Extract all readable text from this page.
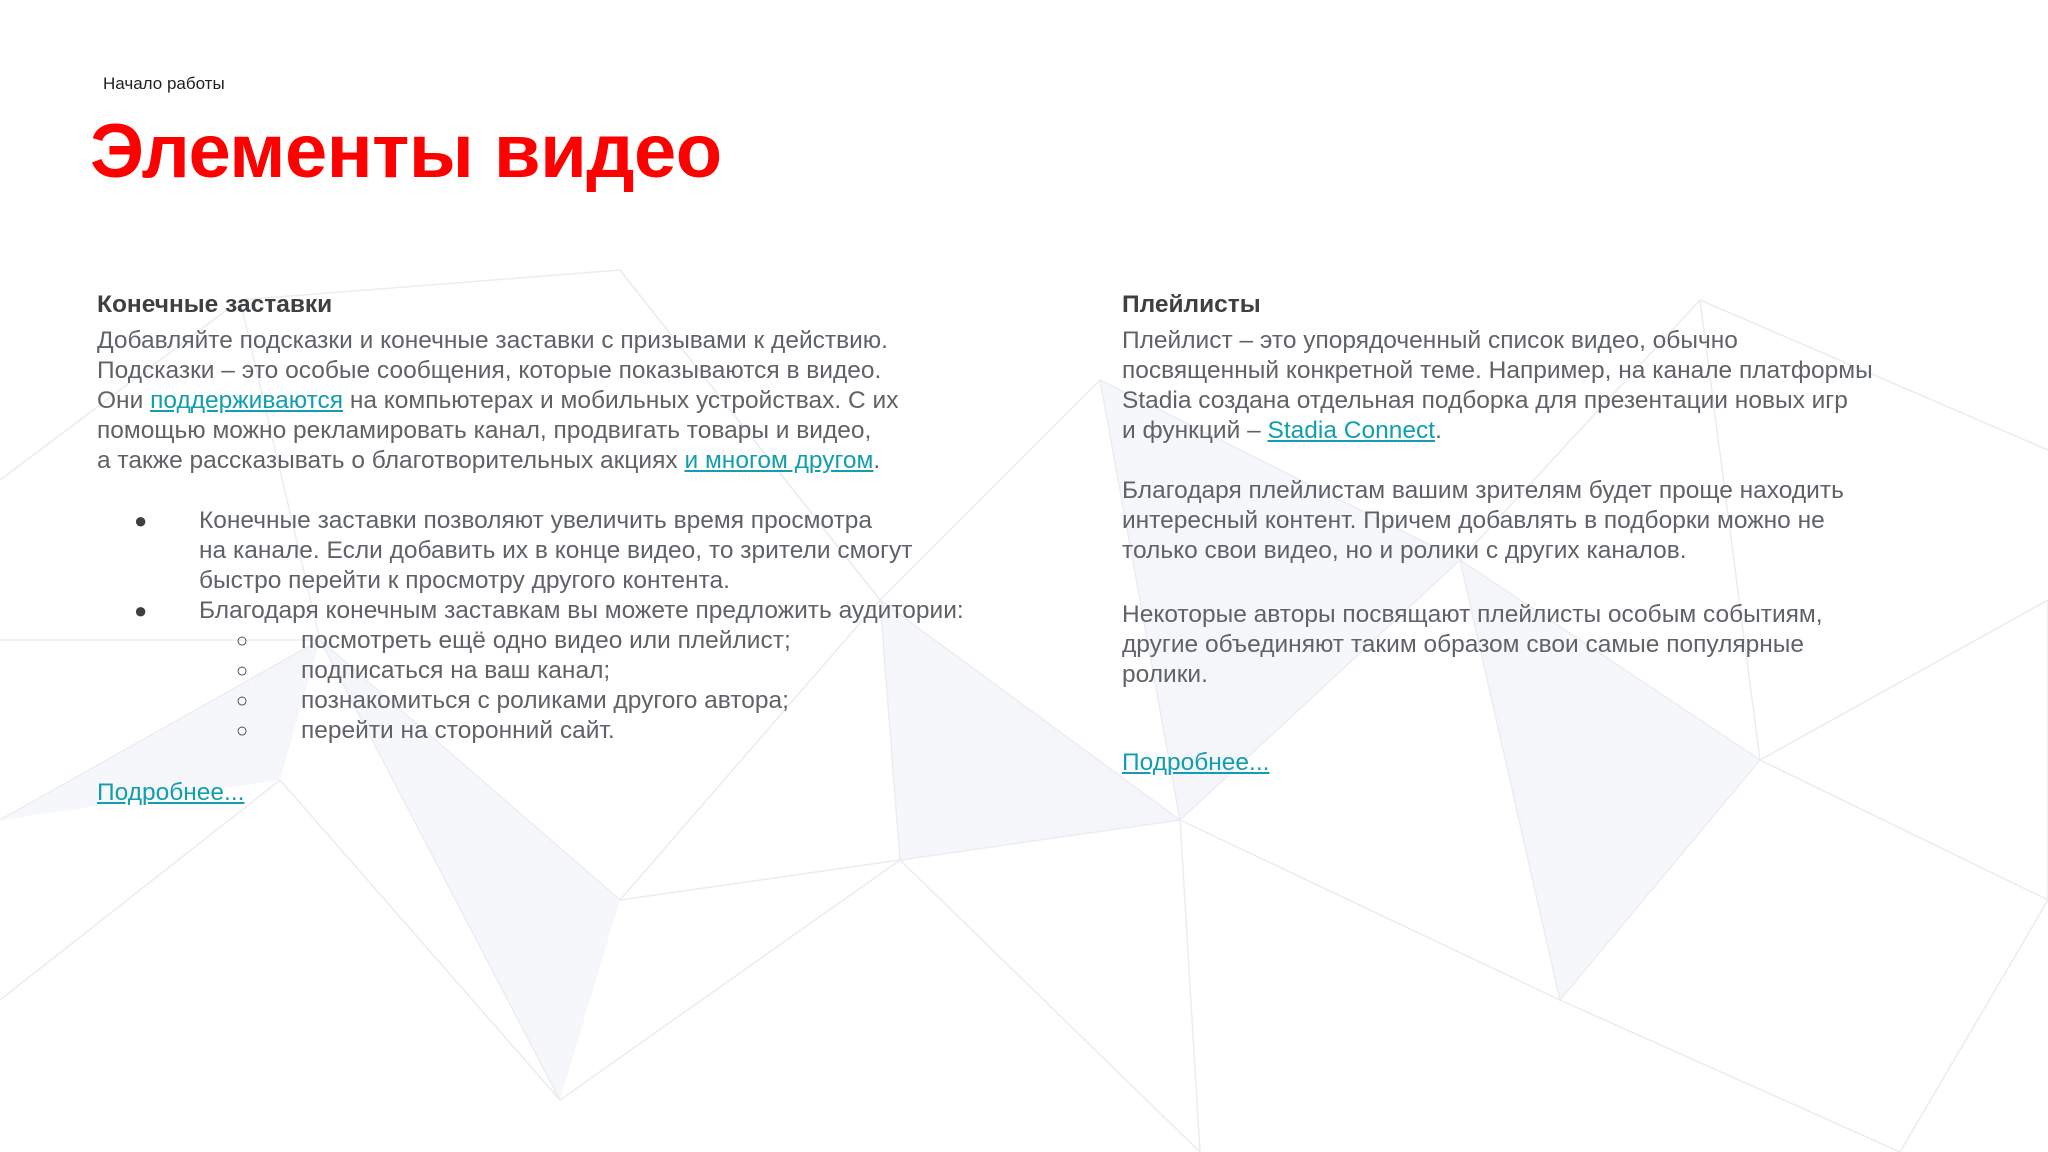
Начало работы
Элементы видео
Конечные заставки

Добавляйте подсказки и конечные заставки с призывами к действию.
Подсказки – это особые сообщения, которые показываются в видео.
Они поддерживаются на компьютерах и мобильных устройствах. С их
помощью можно рекламировать канал, продвигать товары и видео,
а также рассказывать о благотворительных акциях и многом другом.

● Конечные заставки позволяют увеличить время просмотра
на канале. Если добавить их в конце видео, то зрители смогут
быстро перейти к просмотру другого контента.
● Благодаря конечным заставкам вы можете предложить аудитории:
○ посмотреть ещё одно видео или плейлист;
○ подписаться на ваш канал;
○ познакомиться с роликами другого автора;
○ перейти на сторонний сайт.
Подробнее...
Плейлисты

Плейлист – это упорядоченный список видео, обычно
посвященный конкретной теме. Например, на канале платформы
Stadia создана отдельная подборка для презентации новых игр
и функций – Stadia Connect.

Благодаря плейлистам вашим зрителям будет проще находить
интересный контент. Причем добавлять в подборки можно не
только свои видео, но и ролики с других каналов.

Некоторые авторы посвящают плейлисты особым событиям,
другие объединяют таким образом свои самые популярные
ролики.

Подробнее...
